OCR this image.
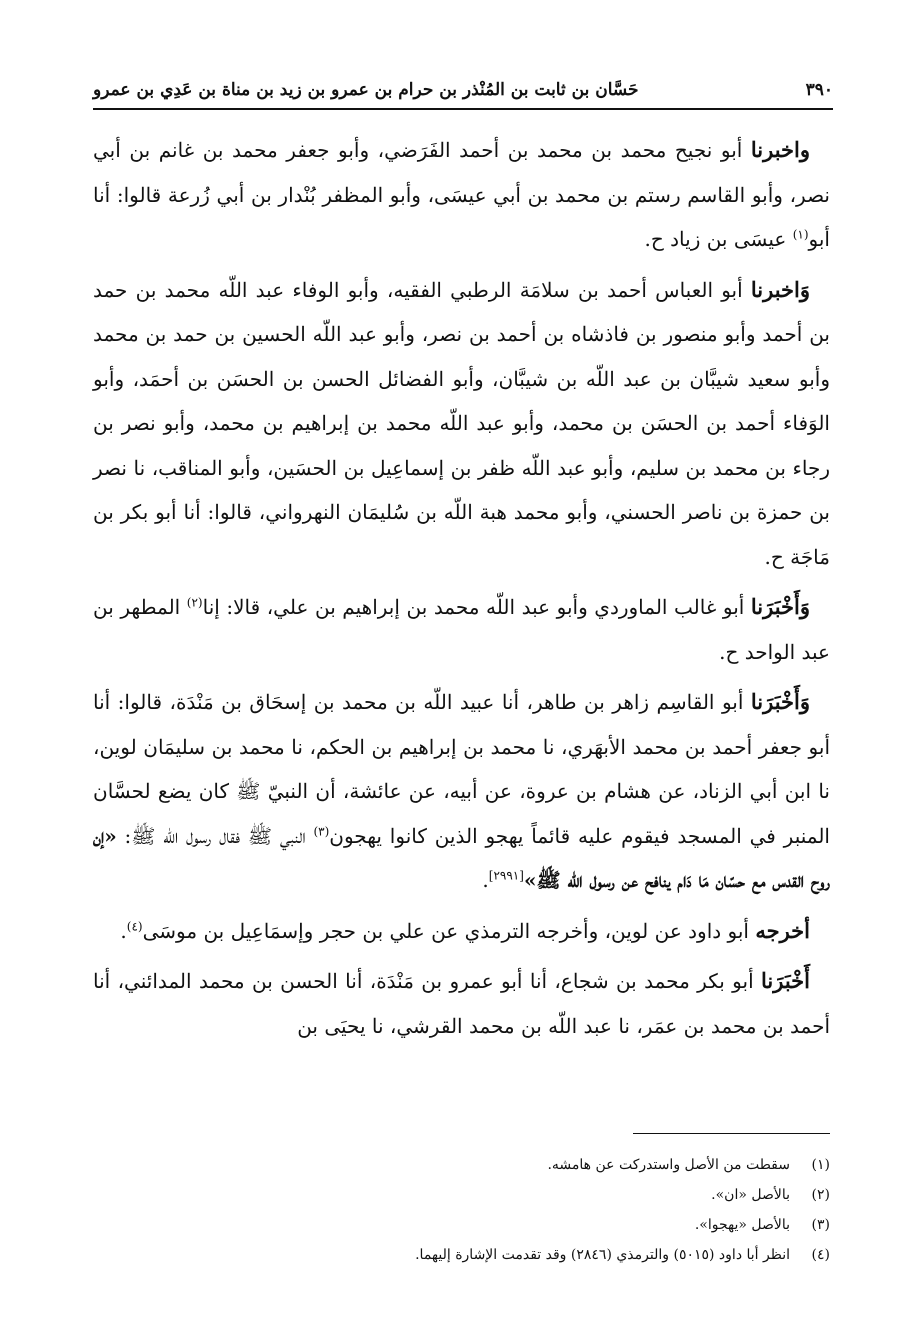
٣٩٠
حَسَّان بن ثابت بن المُنْذر بن حرام بن عمرو بن زيد بن مناة بن عَدِي بن عمرو

واخبرنا أبو نجيح محمد بن محمد بن أحمد الفَرَضي، وأبو جعفر محمد بن غانم بن أبي نصر، وأبو القاسم رستم بن محمد بن أبي عيسَى، وأبو المظفر بُنْدار بن أبي زُرعة قالوا: أنا أبو$^{(١)}$ عيسَى بن زياد ح.

وَاخبرنا أبو العباس أحمد بن سلامَة الرطبي الفقيه، وأبو الوفاء عبد اللّه محمد بن حمد بن أحمد وأبو منصور بن فاذشاه بن أحمد بن نصر، وأبو عبد اللّه الحسين بن حمد بن محمد وأبو سعيد شيبَّان بن عبد اللّه بن شيبَّان، وأبو الفضائل الحسن بن الحسَن بن أحمَد، وأبو الوَفاء أحمد بن الحسَن بن محمد، وأبو عبد اللّه محمد بن إبراهيم بن محمد، وأبو نصر بن رجاء بن محمد بن سليم، وأبو عبد اللّه ظفر بن إسماعِيل بن الحسَين، وأبو المناقب، نا نصر بن حمزة بن ناصر الحسني، وأبو محمد هبة اللّه بن سُليمَان النهرواني، قالوا: أنا أبو بكر بن مَاجَة ح.

وَأَخْبَرَنا أبو غالب الماوردي وأبو عبد اللّه محمد بن إبراهيم بن علي، قالا: إنا$^{(٢)}$ المطهر بن عبد الواحد ح.

وَأَخْبَرَنا أبو القاسِم زاهر بن طاهر، أنا عبيد اللّه بن محمد بن إسحَاق بن مَنْدَة، قالوا: أنا أبو جعفر أحمد بن محمد الأبهَري، نا محمد بن إبراهيم بن الحكم، نا محمد بن سليمَان لوين، نا ابن أبي الزناد، عن هشام بن عروة، عن أبيه، عن عائشة، أن النبيّ ﷺ كان يضع لحسَّان المنبر في المسجد فيقوم عليه قائماً يهجو الذين كانوا يهجون$^{(٣)}$ النبي ﷺ فقال رسول الله ﷺ: «إن روح القدس مع حسّان مَا دَام ينافح عن رسول الله ﷺ»[٢٩٩١].

أخرجه أبو داود عن لوين، وأخرجه الترمذي عن علي بن حجر وإسمَاعِيل بن موسَى$^{(٤)}$.

أَخْبَرَنا أبو بكر محمد بن شجاع، أنا أبو عمرو بن مَنْدَة، أنا الحسن بن محمد المدائني، أنا أحمد بن محمد بن عمَر، نا عبد اللّه بن محمد القرشي، نا يحيَى بن

(١)
سقطت من الأصل واستدركت عن هامشه.
(٢)
بالأصل «ان».
(٣)
بالأصل «يهجوا».
(٤)
انظر أبا داود (٥٠١٥) والترمذي (٢٨٤٦) وقد تقدمت الإشارة إليهما.
